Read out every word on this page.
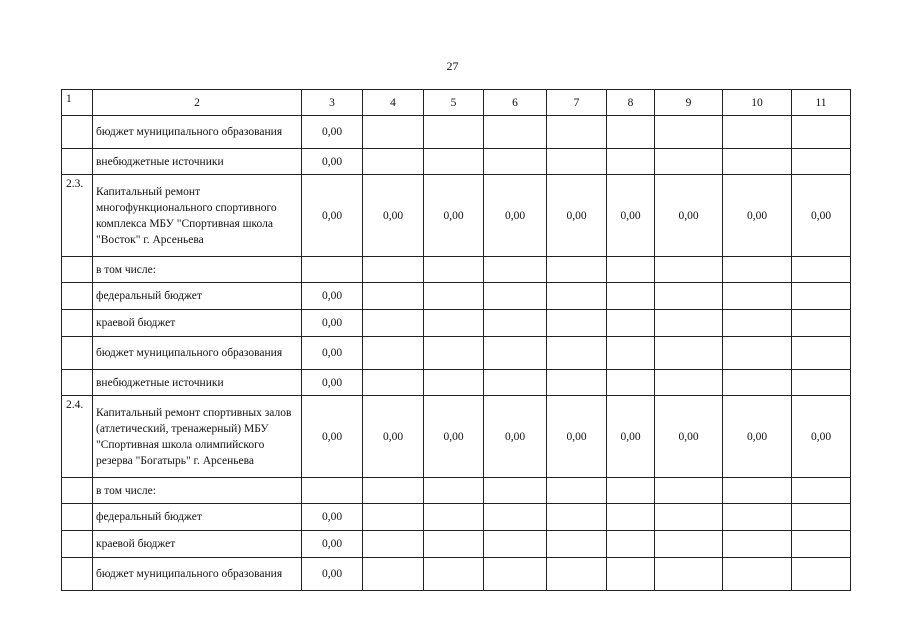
27
1	2	3	4	5	6	7	8	9	10	11
	бюджет муниципального образования	0,00								
	внебюджетные источники	0,00								
2.3.	Капитальный ремонт многофункционального спортивного комплекса МБУ "Спортивная школа "Восток" г. Арсеньева	0,00	0,00	0,00	0,00	0,00	0,00	0,00	0,00	0,00
	в том числе:									
	федеральный бюджет	0,00								
	краевой бюджет	0,00								
	бюджет муниципального образования	0,00								
	внебюджетные источники	0,00								
2.4.	Капитальный ремонт спортивных залов (атлетический, тренажерный) МБУ "Спортивная школа олимпийского резерва "Богатырь" г. Арсеньева	0,00	0,00	0,00	0,00	0,00	0,00	0,00	0,00	0,00
	в том числе:									
	федеральный бюджет	0,00								
	краевой бюджет	0,00								
	бюджет муниципального образования	0,00								
